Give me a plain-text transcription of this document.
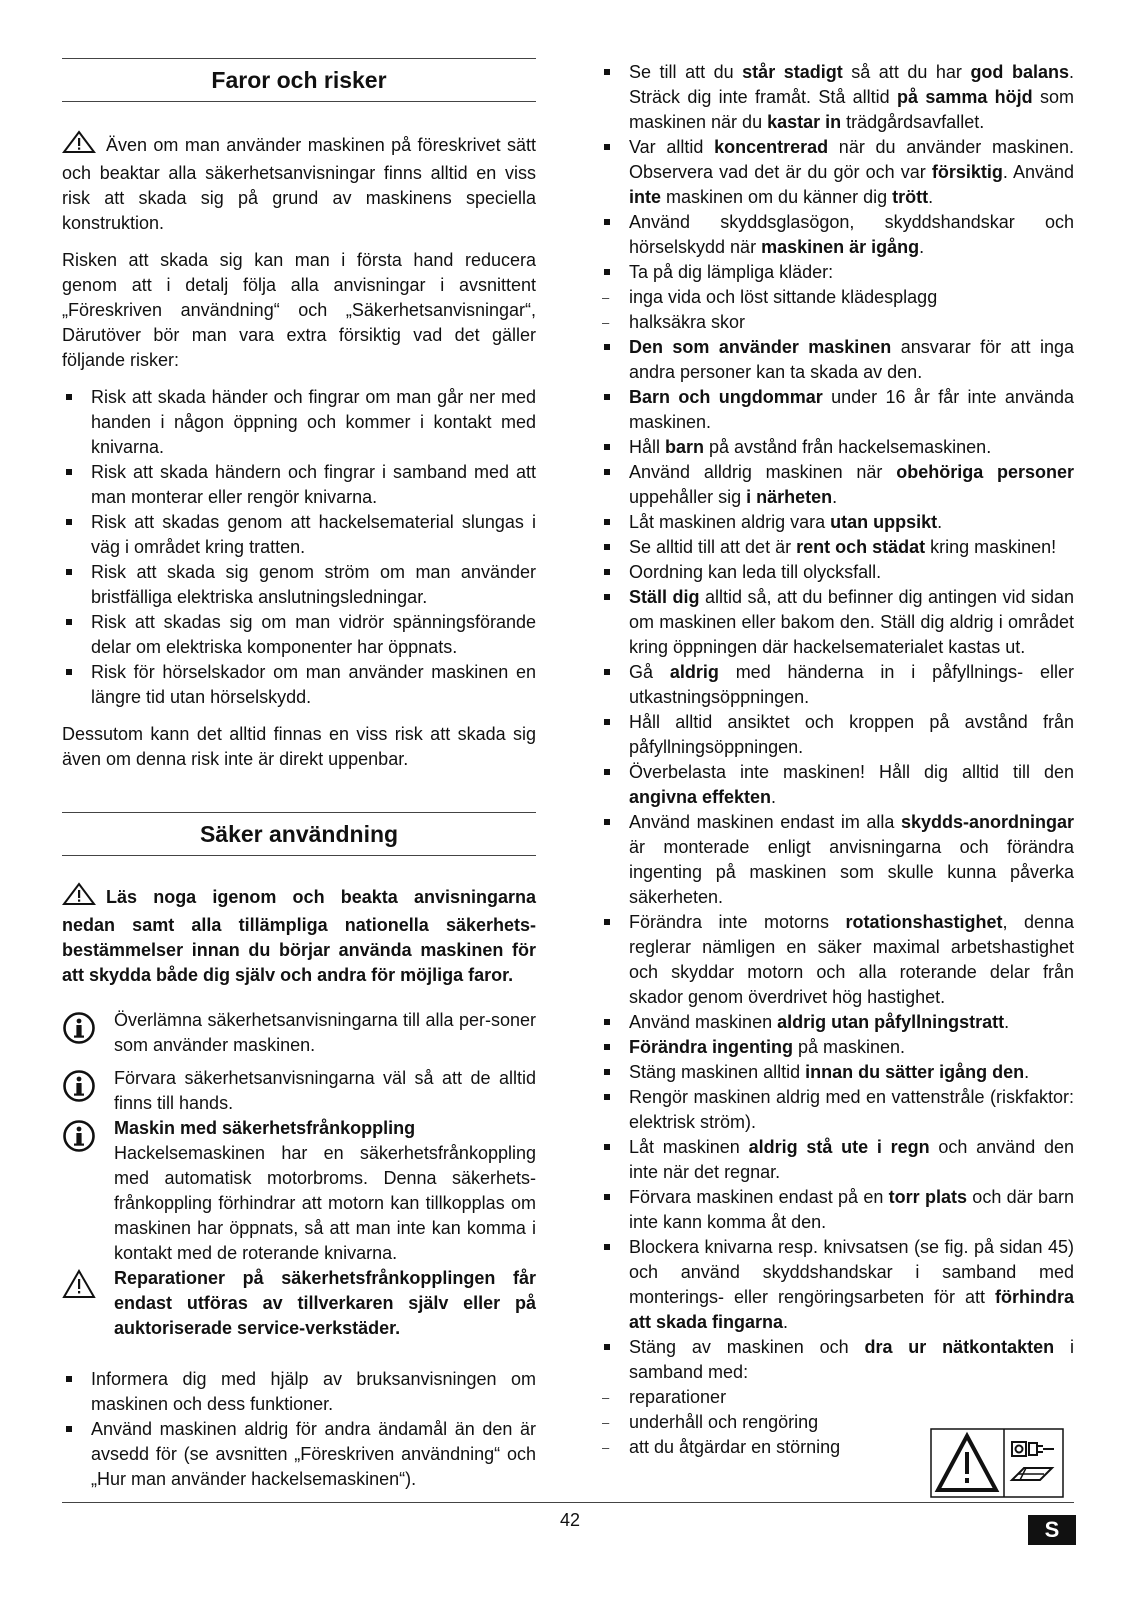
Faror och risker

Även om man använder maskinen på föreskrivet sätt och beaktar alla säkerhetsanvisningar finns alltid en viss risk att skada sig på grund av maskinens speciella konstruktion.

Risken att skada sig kan man i första hand reducera genom att i detalj följa alla anvisningar i avsnittent „Föreskriven användning“ och „Säkerhetsanvisningar“, Därutöver bör man vara extra försiktig vad det gäller följande risker:

Risk att skada händer och fingrar om man går ner med handen i någon öppning och kommer i kontakt med knivarna.
Risk att skada händern och fingrar i samband med att man monterar eller rengör knivarna.
Risk att skadas genom att hackelsematerial slungas i väg i området kring tratten.
Risk att skada sig genom ström om man använder bristfälliga elektriska anslutningsledningar.
Risk att skadas sig om man vidrör spänningsförande delar om elektriska komponenter har öppnats.
Risk för hörselskador om man använder maskinen en längre tid utan hörselskydd.

Dessutom kann det alltid finnas en viss risk att skada sig även om denna risk inte är direkt uppenbar.

Säker användning

Läs noga igenom och beakta anvisningarna nedan samt alla tillämpliga nationella säkerhets-bestämmelser innan du börjar använda maskinen för att skydda både dig själv och andra för möjliga faror.

Överlämna säkerhetsanvisningarna till alla per-soner som använder maskinen.
Förvara säkerhetsanvisningarna väl så att de alltid finns till hands.
Maskin med säkerhetsfrånkoppling
Hackelsemaskinen har en säkerhetsfrånkoppling med automatisk motorbroms. Denna säkerhets-frånkoppling förhindrar att motorn kan tillkopplas om maskinen har öppnats, så att man inte kan komma i kontakt med de roterande knivarna.
Reparationer på säkerhetsfrånkopplingen får endast utföras av tillverkaren själv eller på auktoriserade service-verkstäder.
Informera dig med hjälp av bruksanvisningen om maskinen och dess funktioner.
Använd maskinen aldrig för andra ändamål än den är avsedd för (se avsnitten „Föreskriven användning“ och „Hur man använder hackelsemaskinen“).
Se till att du står stadigt så att du har god balans. Sträck dig inte framåt. Stå alltid på samma höjd som maskinen när du kastar in trädgårdsavfallet.
Var alltid koncentrerad när du använder maskinen. Observera vad det är du gör och var försiktig. Använd inte maskinen om du känner dig trött.
Använd skyddsglasögon, skyddshandskar och hörselskydd när maskinen är igång.
Ta på dig lämpliga kläder:
– inga vida och löst sittande klädesplagg
– halksäkra skor
Den som använder maskinen ansvarar för att inga andra personer kan ta skada av den.
Barn och ungdommar under 16 år får inte använda maskinen.
Håll barn på avstånd från hackelsemaskinen.
Använd alldrig maskinen när obehöriga personer uppehåller sig i närheten.
Låt maskinen aldrig vara utan uppsikt.
Se alltid till att det är rent och städat kring maskinen!
Oordning kan leda till olycksfall.
Ställ dig alltid så, att du befinner dig antingen vid sidan om maskinen eller bakom den. Ställ dig aldrig i området kring öppningen där hackelsematerialet kastas ut.
Gå aldrig med händerna in i påfyllnings- eller utkastningsöppningen.
Håll alltid ansiktet och kroppen på avstånd från påfyllningsöppningen.
Överbelasta inte maskinen! Håll dig alltid till den angivna effekten.
Använd maskinen endast im alla skydds-anordningar är monterade enligt anvisningarna och förändra ingenting på maskinen som skulle kunna påverka säkerheten.
Förändra inte motorns rotationshastighet, denna reglerar nämligen en säker maximal arbetshastighet och skyddar motorn och alla roterande delar från skador genom överdrivet hög hastighet.
Använd maskinen aldrig utan påfyllningstratt.
Förändra ingenting på maskinen.
Stäng maskinen alltid innan du sätter igång den.
Rengör maskinen aldrig med en vattenstråle (riskfaktor: elektrisk ström).
Låt maskinen aldrig stå ute i regn och använd den inte när det regnar.
Förvara maskinen endast på en torr plats och där barn inte kann komma åt den.
Blockera knivarna resp. knivsatsen (se fig. på sidan 45) och använd skyddshandskar i samband med monterings- eller rengöringsarbeten för att förhindra att skada fingarna.
Stäng av maskinen och dra ur nätkontakten i samband med:
– reparationer
– underhåll och rengöring
– att du åtgärdar en störning
42	S
